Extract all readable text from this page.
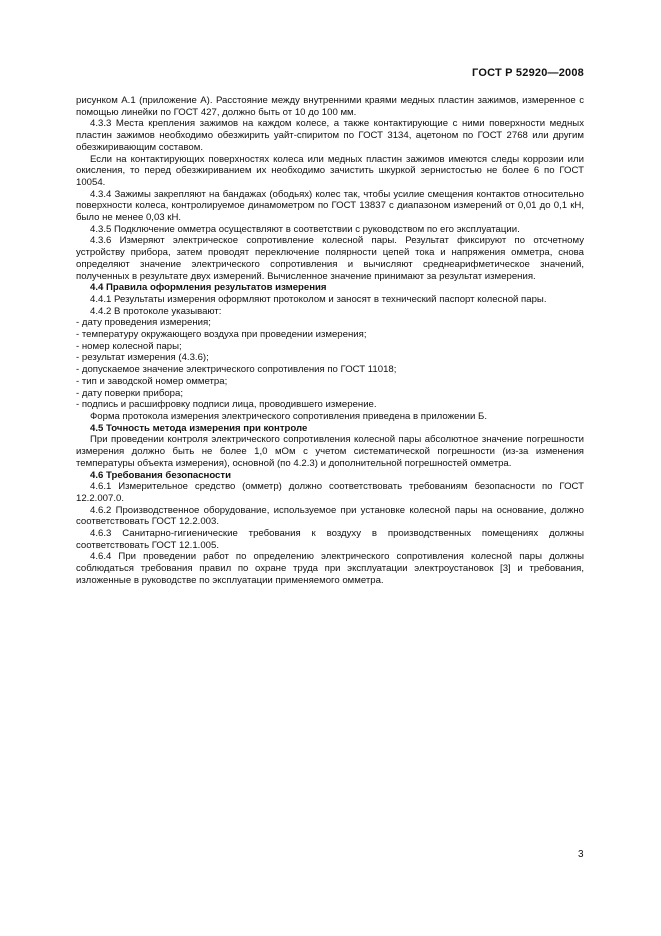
ГОСТ Р 52920—2008

рисунком А.1 (приложение А). Расстояние между внутренними краями медных пластин зажимов, измеренное с помощью линейки по ГОСТ 427, должно быть от 10 до 100 мм.

4.3.3 Места крепления зажимов на каждом колесе, а также контактирующие с ними поверхности медных пластин зажимов необходимо обезжирить уайт-спиритом по ГОСТ 3134, ацетоном по ГОСТ 2768 или другим обезжиривающим составом.

Если на контактирующих поверхностях колеса или медных пластин зажимов имеются следы коррозии или окисления, то перед обезжириванием их необходимо зачистить шкуркой зернистостью не более 6 по ГОСТ 10054.

4.3.4 Зажимы закрепляют на бандажах (ободьях) колес так, чтобы усилие смещения контактов относительно поверхности колеса, контролируемое динамометром по ГОСТ 13837 с диапазоном измерений от 0,01 до 0,1 кН, было не менее 0,03 кН.

4.3.5 Подключение омметра осуществляют в соответствии с руководством по его эксплуатации.

4.3.6 Измеряют электрическое сопротивление колесной пары. Результат фиксируют по отсчетному устройству прибора, затем проводят переключение полярности цепей тока и напряжения омметра, снова определяют значение электрического сопротивления и вычисляют среднеарифметическое значений, полученных в результате двух измерений. Вычисленное значение принимают за результат измерения.

4.4 Правила оформления результатов измерения

4.4.1 Результаты измерения оформляют протоколом и заносят в технический паспорт колесной пары.

4.4.2 В протоколе указывают:

- дату проведения измерения;

- температуру окружающего воздуха при проведении измерения;

- номер колесной пары;

- результат измерения (4.3.6);

- допускаемое значение электрического сопротивления по ГОСТ 11018;

- тип и заводской номер омметра;

- дату поверки прибора;

- подпись и расшифровку подписи лица, проводившего измерение.

Форма протокола измерения электрического сопротивления приведена в приложении Б.

4.5 Точность метода измерения при контроле

При проведении контроля электрического сопротивления колесной пары абсолютное значение погрешности измерения должно быть не более 1,0 мОм с учетом систематической погрешности (из-за изменения температуры объекта измерения), основной (по 4.2.3) и дополнительной погрешностей омметра.

4.6 Требования безопасности

4.6.1 Измерительное средство (омметр) должно соответствовать требованиям безопасности по ГОСТ 12.2.007.0.

4.6.2 Производственное оборудование, используемое при установке колесной пары на основание, должно соответствовать ГОСТ 12.2.003.

4.6.3 Санитарно-гигиенические требования к воздуху в производственных помещениях должны соответствовать ГОСТ 12.1.005.

4.6.4 При проведении работ по определению электрического сопротивления колесной пары должны соблюдаться требования правил по охране труда при эксплуатации электроустановок [3] и требования, изложенные в руководстве по эксплуатации применяемого омметра.

3
